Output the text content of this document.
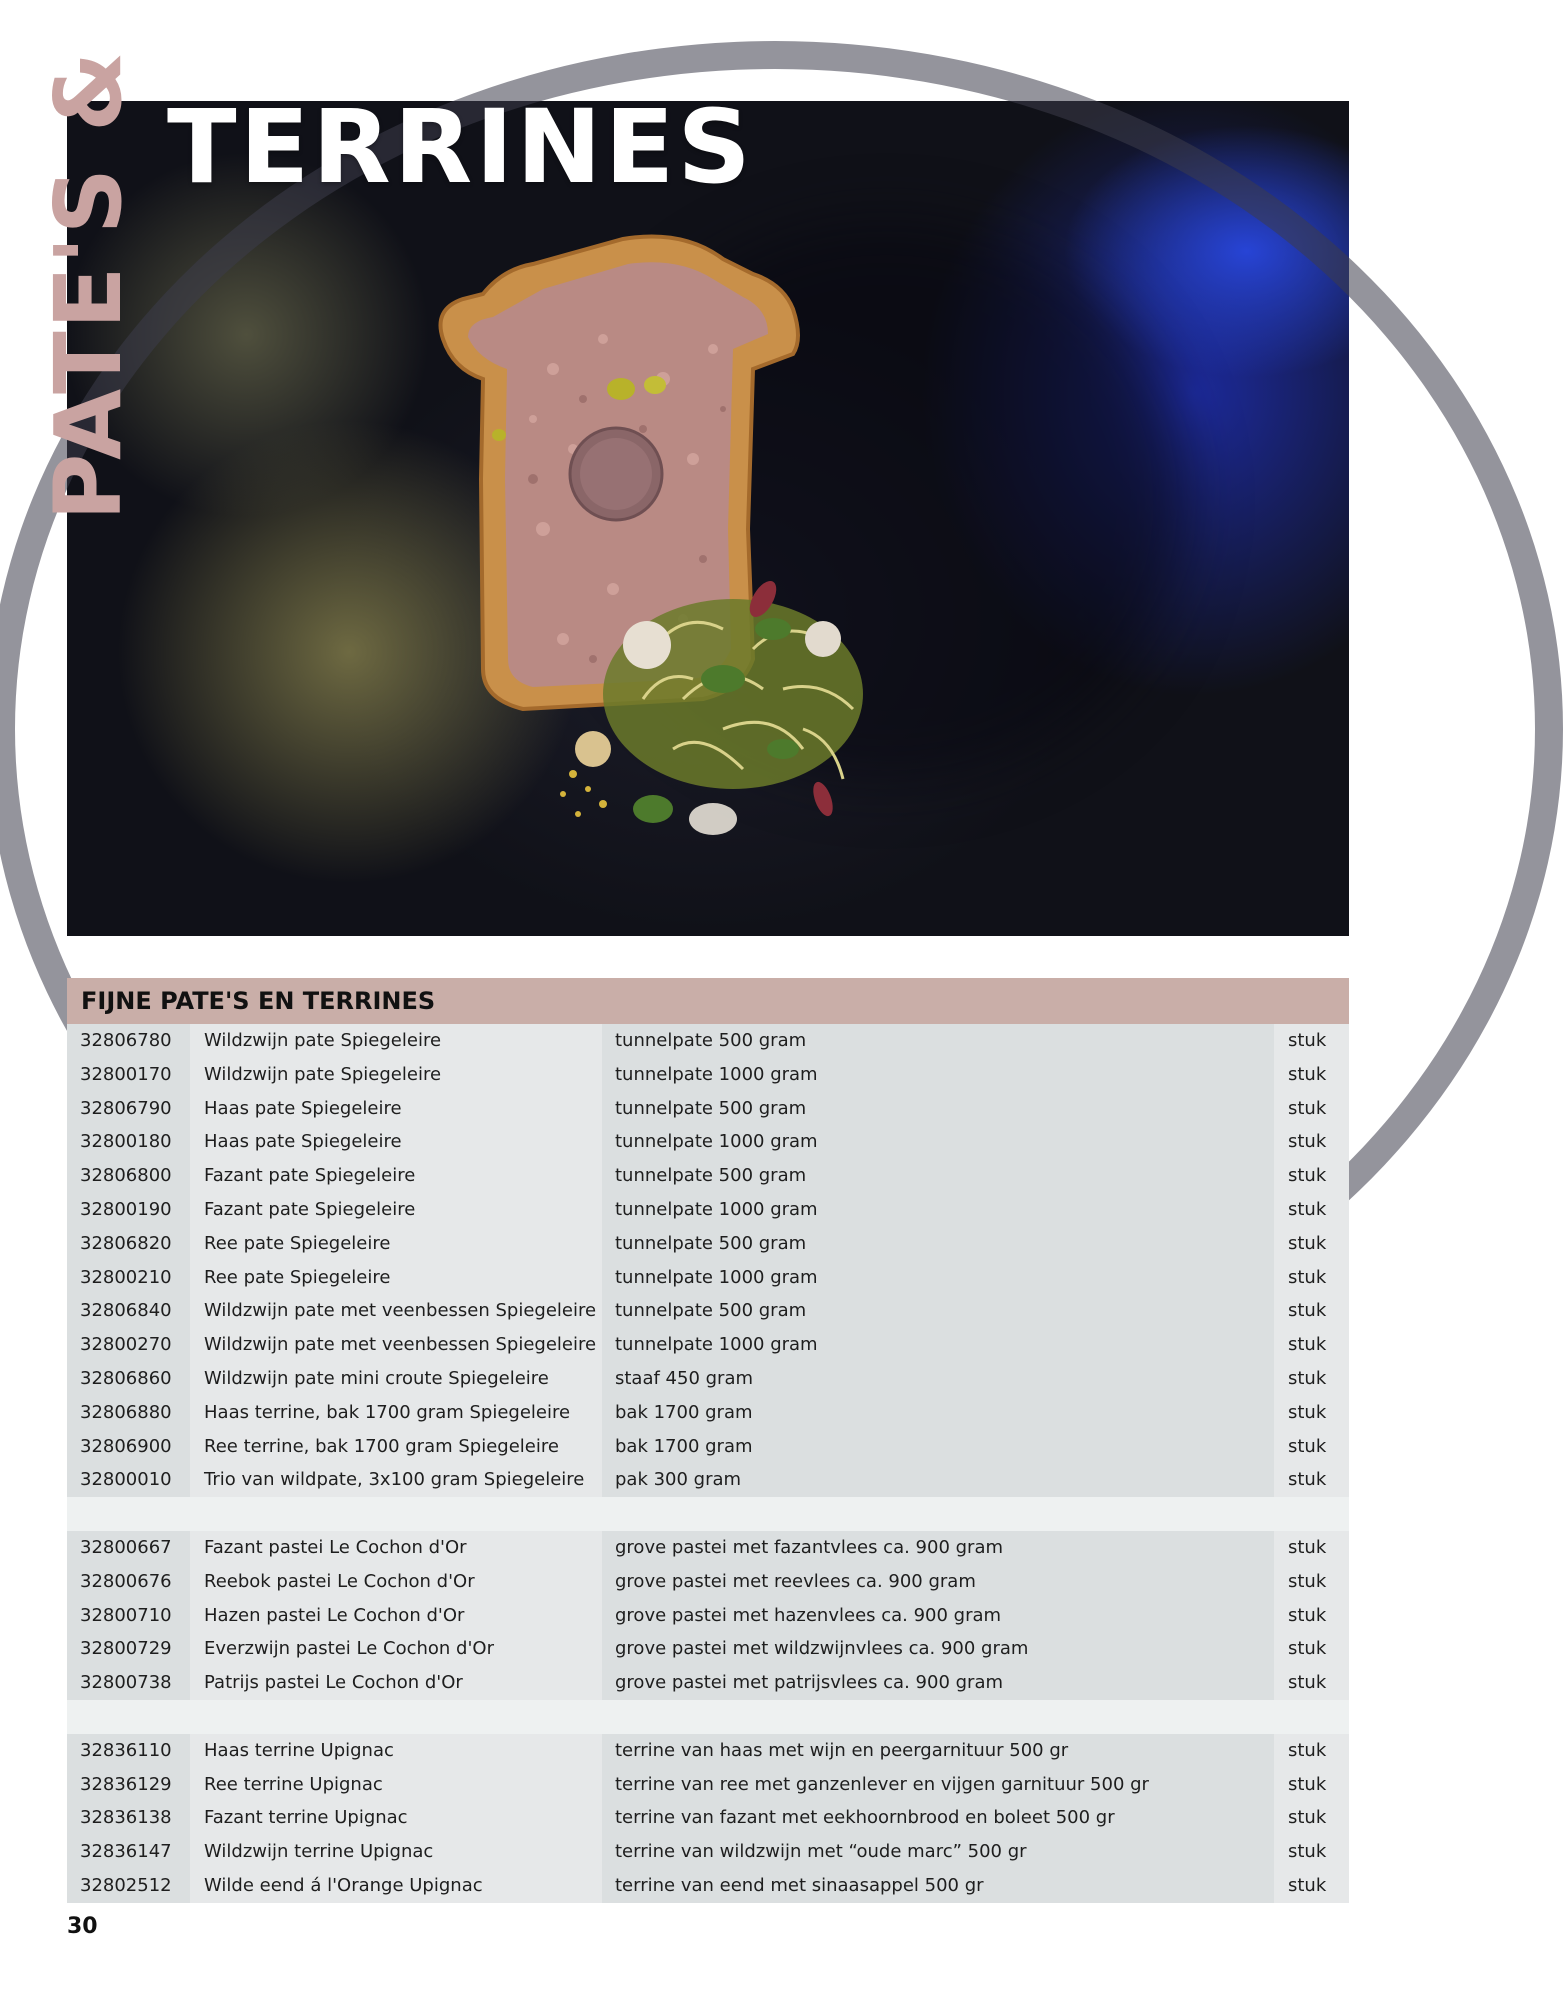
TERRINES
PATE'S &
FIJNE PATE'S EN TERRINES
32806780	Wildzwijn pate Spiegeleire	tunnelpate 500 gram	stuk
32800170	Wildzwijn pate Spiegeleire	tunnelpate 1000 gram	stuk
32806790	Haas pate Spiegeleire	tunnelpate 500 gram	stuk
32800180	Haas pate Spiegeleire	tunnelpate 1000 gram	stuk
32806800	Fazant pate Spiegeleire	tunnelpate 500 gram	stuk
32800190	Fazant pate Spiegeleire	tunnelpate 1000 gram	stuk
32806820	Ree pate Spiegeleire	tunnelpate 500 gram	stuk
32800210	Ree pate Spiegeleire	tunnelpate 1000 gram	stuk
32806840	Wildzwijn pate met veenbessen Spiegeleire	tunnelpate 500 gram	stuk
32800270	Wildzwijn pate met veenbessen Spiegeleire	tunnelpate 1000 gram	stuk
32806860	Wildzwijn pate mini croute Spiegeleire	staaf 450 gram	stuk
32806880	Haas terrine, bak 1700 gram Spiegeleire	bak 1700 gram	stuk
32806900	Ree terrine, bak 1700 gram Spiegeleire	bak 1700 gram	stuk
32800010	Trio van wildpate, 3x100 gram Spiegeleire	pak 300 gram	stuk
32800667	Fazant pastei Le Cochon d'Or	grove pastei met fazantvlees ca. 900 gram	stuk
32800676	Reebok pastei Le Cochon d'Or	grove pastei met reevlees ca. 900 gram	stuk
32800710	Hazen pastei Le Cochon d'Or	grove pastei met hazenvlees ca. 900 gram	stuk
32800729	Everzwijn pastei Le Cochon d'Or	grove pastei met wildzwijnvlees ca. 900 gram	stuk
32800738	Patrijs pastei Le Cochon d'Or	grove pastei met patrijsvlees ca. 900 gram	stuk
32836110	Haas terrine Upignac	terrine van haas met wijn en peergarnituur 500 gr	stuk
32836129	Ree terrine Upignac	terrine van ree met ganzenlever en vijgen garnituur 500 gr	stuk
32836138	Fazant terrine Upignac	terrine van fazant met eekhoornbrood en boleet 500 gr	stuk
32836147	Wildzwijn terrine Upignac	terrine van wildzwijn met “oude marc” 500 gr	stuk
32802512	Wilde eend á l'Orange Upignac	terrine van eend met sinaasappel 500 gr	stuk
30
